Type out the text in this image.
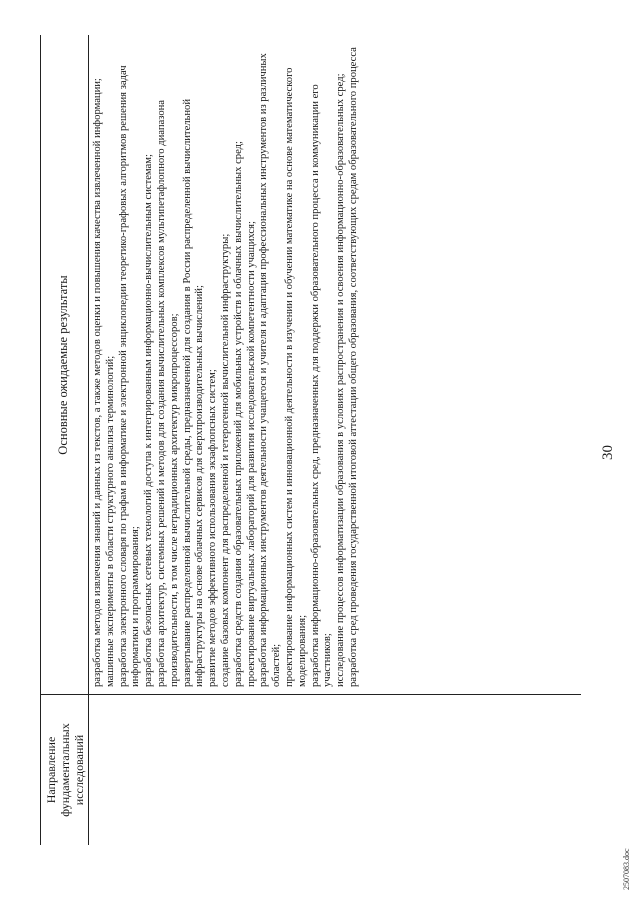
Направление фундаментальных исследований
Основные ожидаемые результаты разработка методов извлечения знаний и данных из текстов, а также методов оценки и повышения качества извлеченной информации; машинные эксперименты в области структурного анализа терминологий; разработка электронного словаря по графам в информатике и электронной энциклопедии теоретико-графовых алгоритмов решения задач информатики и программирования; разработка безопасных сетевых технологий доступа к интегрированным информационно-вычислительным системам; разработка архитектур, системных решений и методов для создания вычислительных комплексов мультипетафлопного диапазона производительности, в том числе нетрадиционных архитектур микропроцессоров; развертывание распределенной вычислительной среды, предназначенной для создания в России распределенной вычислительной инфраструктуры на основе облачных сервисов для сверхпроизводительных вычислений; развитие методов эффективного использования экзафлопсных систем; создание базовых компонент для распределенной и гетерогенной вычислительной инфраструктуры; разработка средств создания образовательных приложений для мобильных устройств и облачных вычислительных сред; проектирование виртуальных лабораторий для развития исследовательской компетентности учащихся; разработка информационных инструментов деятельности учащегося и учителя и адаптация профессиональных инструментов из различных областей; проектирование информационных систем и инновационной деятельности в изучении и обучении математике на основе математического моделирования; разработка информационно-образовательных сред, предназначенных для поддержки образовательного процесса и коммуникации его участников; исследование процессов информатизации образования в условиях распространения и освоения информационно-образовательных сред; разработка сред проведения государственной итоговой аттестации общего образования, соответствующих средам образовательного процесса	30
2507083.doc
